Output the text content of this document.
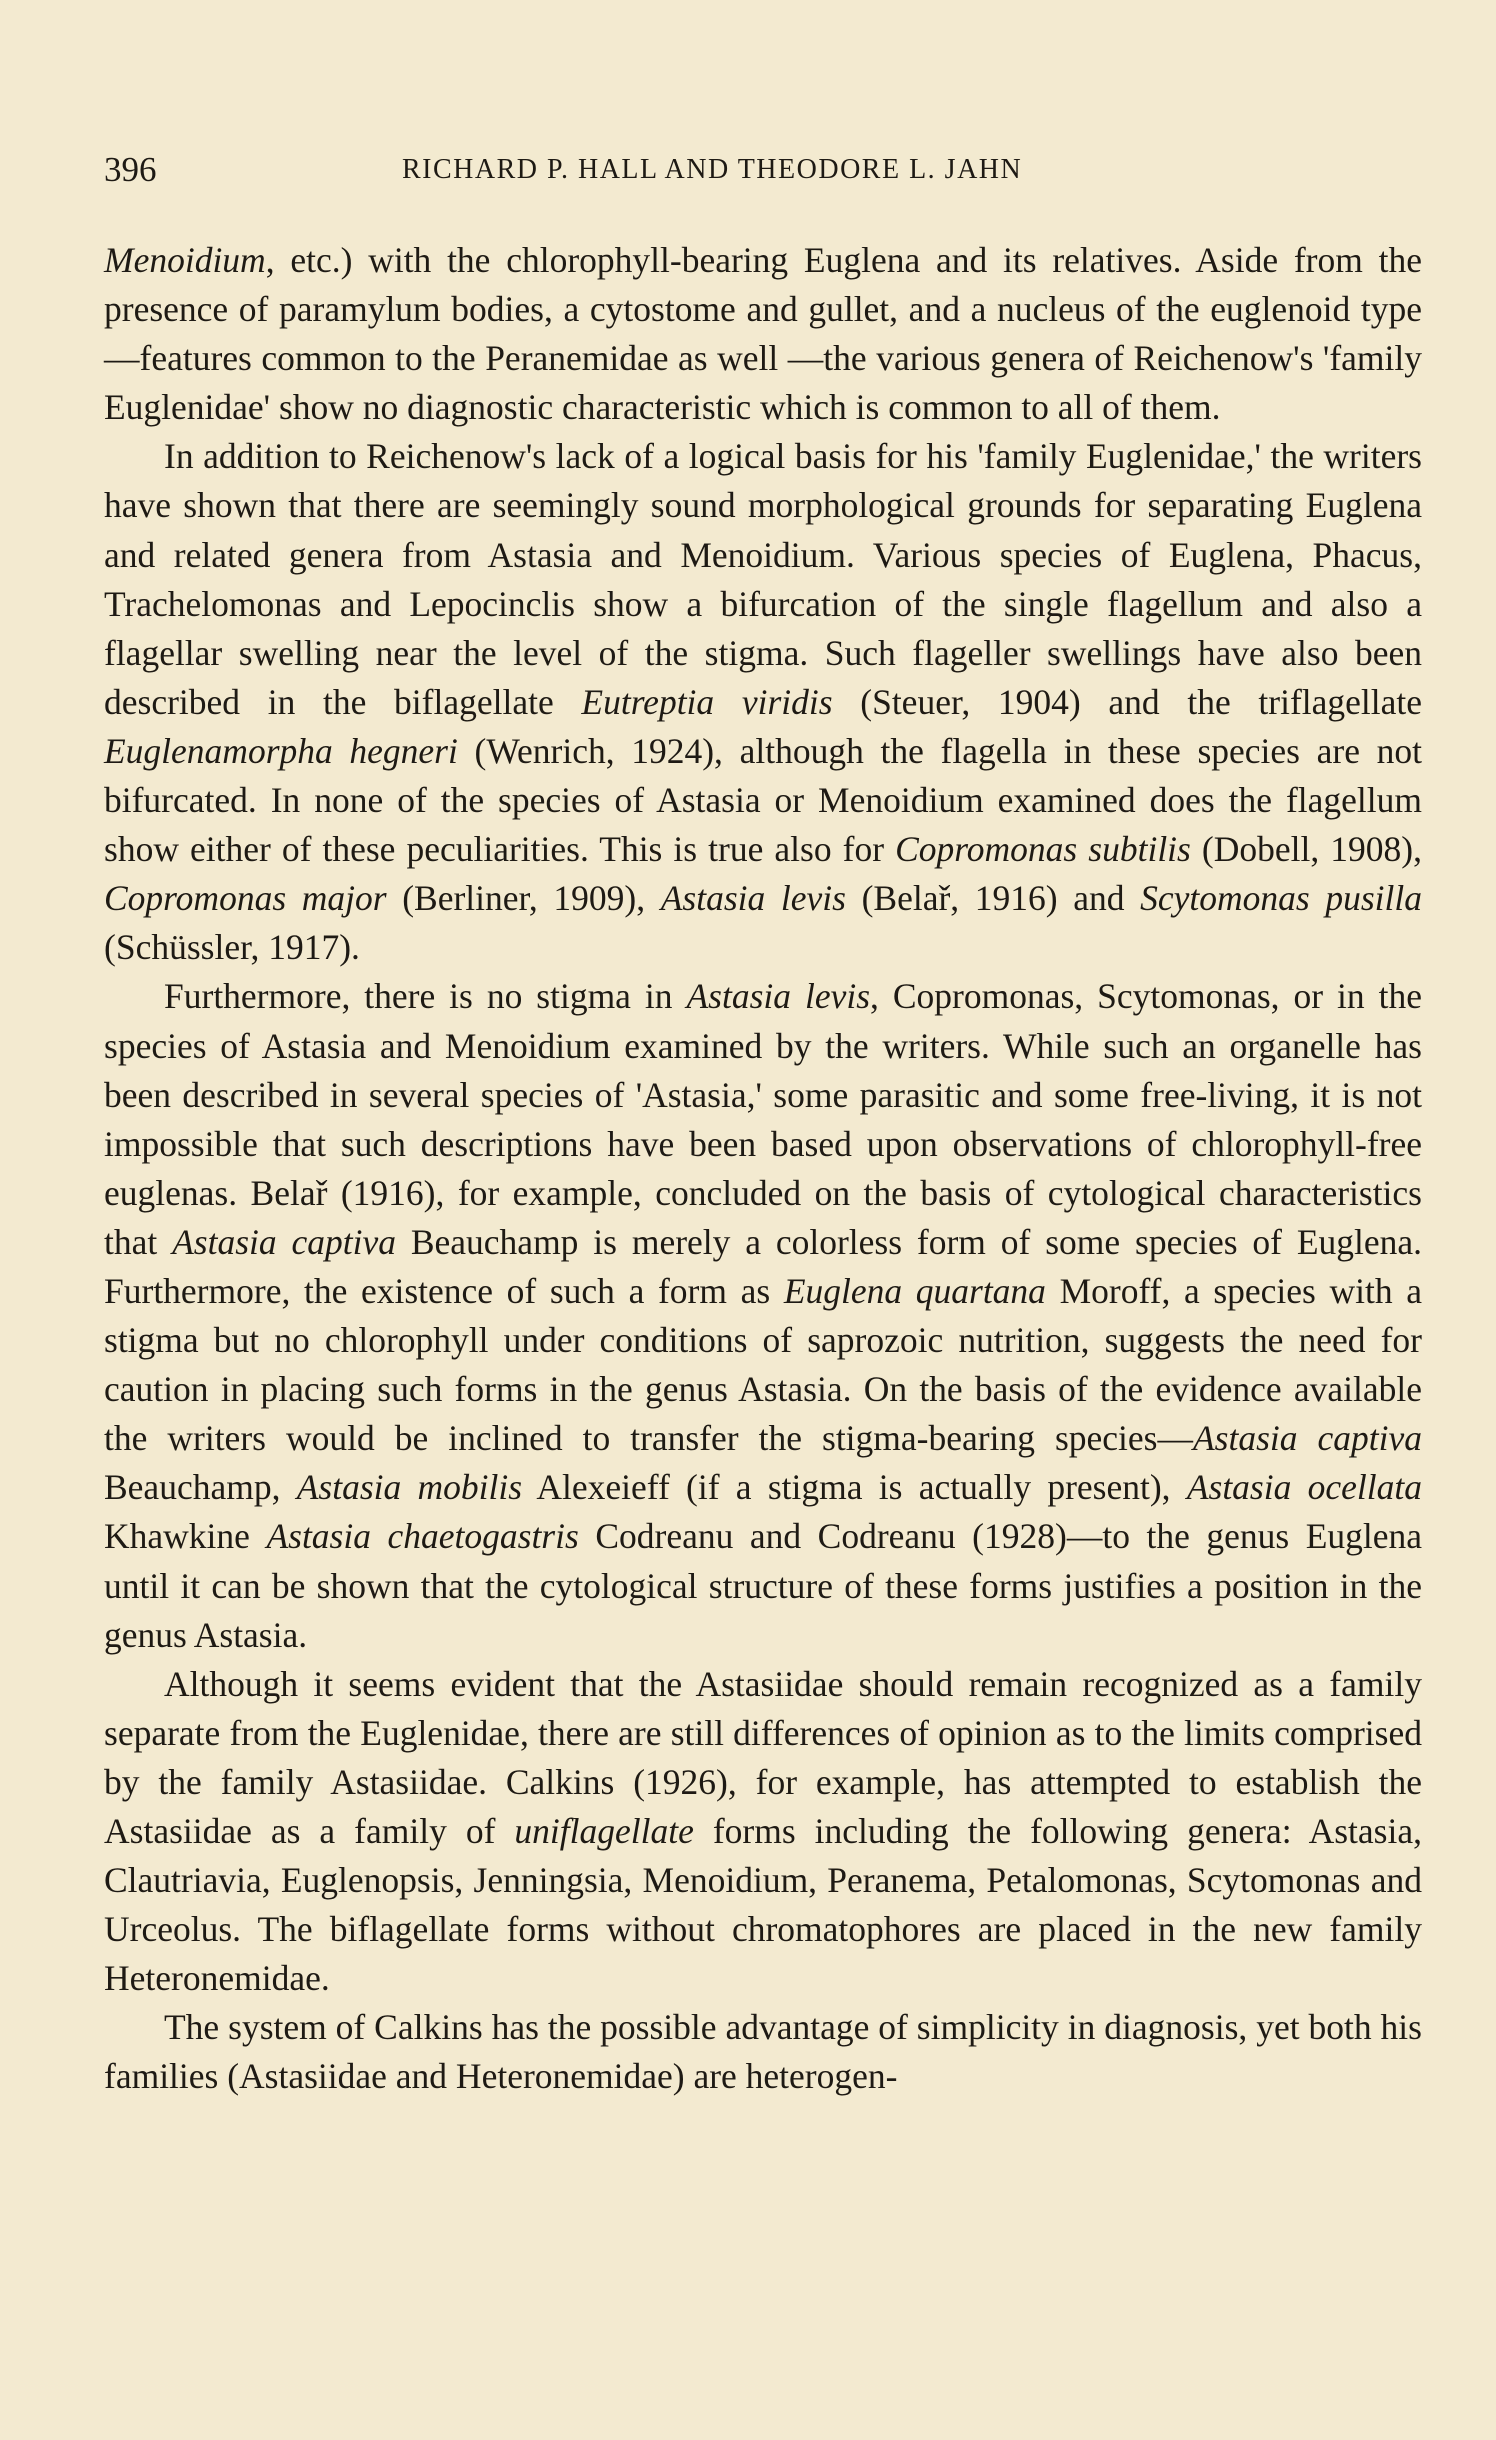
396	RICHARD P. HALL AND THEODORE L. JAHN

Menoidium, etc.) with the chlorophyll-bearing Euglena and its relatives. Aside from the presence of paramylum bodies, a cytostome and gullet, and a nucleus of the euglenoid type—features common to the Peranemidae as well —the various genera of Reichenow's 'family Euglenidae' show no diagnostic characteristic which is common to all of them.

In addition to Reichenow's lack of a logical basis for his 'family Euglenidae,' the writers have shown that there are seemingly sound morphological grounds for separating Euglena and related genera from Astasia and Menoidium. Various species of Euglena, Phacus, Trachelomonas and Lepocinclis show a bifurcation of the single flagellum and also a flagellar swelling near the level of the stigma. Such flageller swellings have also been described in the biflagellate Eutreptia viridis (Steuer, 1904) and the triflagellate Euglenamorpha hegneri (Wenrich, 1924), although the flagella in these species are not bifurcated. In none of the species of Astasia or Menoidium examined does the flagellum show either of these peculiarities. This is true also for Copromonas subtilis (Dobell, 1908), Copromonas major (Berliner, 1909), Astasia levis (Belař, 1916) and Scytomonas pusilla (Schüssler, 1917).

Furthermore, there is no stigma in Astasia levis, Copromonas, Scytomonas, or in the species of Astasia and Menoidium examined by the writers. While such an organelle has been described in several species of 'Astasia,' some parasitic and some free-living, it is not impossible that such descriptions have been based upon observations of chlorophyll-free euglenas. Belař (1916), for example, concluded on the basis of cytological characteristics that Astasia captiva Beauchamp is merely a colorless form of some species of Euglena. Furthermore, the existence of such a form as Euglena quartana Moroff, a species with a stigma but no chlorophyll under conditions of saprozoic nutrition, suggests the need for caution in placing such forms in the genus Astasia. On the basis of the evidence available the writers would be inclined to transfer the stigma-bearing species—Astasia captiva Beauchamp, Astasia mobilis Alexeieff (if a stigma is actually present), Astasia ocellata Khawkine Astasia chaetogastris Codreanu and Codreanu (1928)—to the genus Euglena until it can be shown that the cytological structure of these forms justifies a position in the genus Astasia.

Although it seems evident that the Astasiidae should remain recognized as a family separate from the Euglenidae, there are still differences of opinion as to the limits comprised by the family Astasiidae. Calkins (1926), for example, has attempted to establish the Astasiidae as a family of uniflagellate forms including the following genera: Astasia, Clautriavia, Euglenopsis, Jenningsia, Menoidium, Peranema, Petalomonas, Scytomonas and Urceolus. The biflagellate forms without chromatophores are placed in the new family Heteronemidae.

The system of Calkins has the possible advantage of simplicity in diagnosis, yet both his families (Astasiidae and Heteronemidae) are heterogen-
